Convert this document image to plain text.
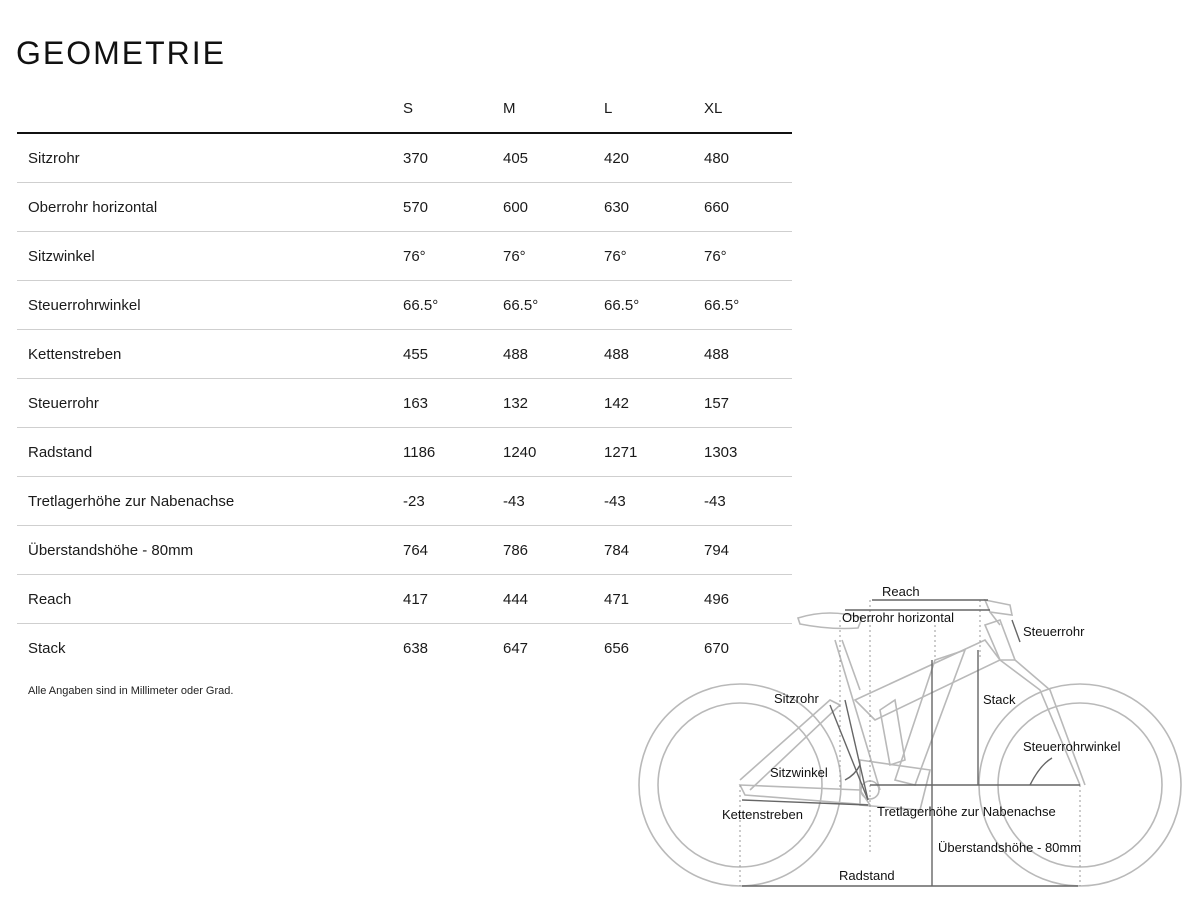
GEOMETRIE
	S	M	L	XL
Sitzrohr	370	405	420	480
Oberrohr horizontal	570	600	630	660
Sitzwinkel	76°	76°	76°	76°
Steuerrohrwinkel	66.5°	66.5°	66.5°	66.5°
Kettenstreben	455	488	488	488
Steuerrohr	163	132	142	157
Radstand	1186	1240	1271	1303
Tretlagerhöhe zur Nabenachse	-23	-43	-43	-43
Überstandshöhe - 80mm	764	786	784	794
Reach	417	444	471	496
Stack	638	647	656	670
Alle Angaben sind in Millimeter oder Grad.
Reach
Oberrohr horizontal
Steuerrohr
Sitzrohr	Stack
Steuerrohrwinkel
Sitzwinkel
Tretlagerhöhe zur Nabenachse
Kettenstreben
Überstandshöhe - 80mm
Radstand
